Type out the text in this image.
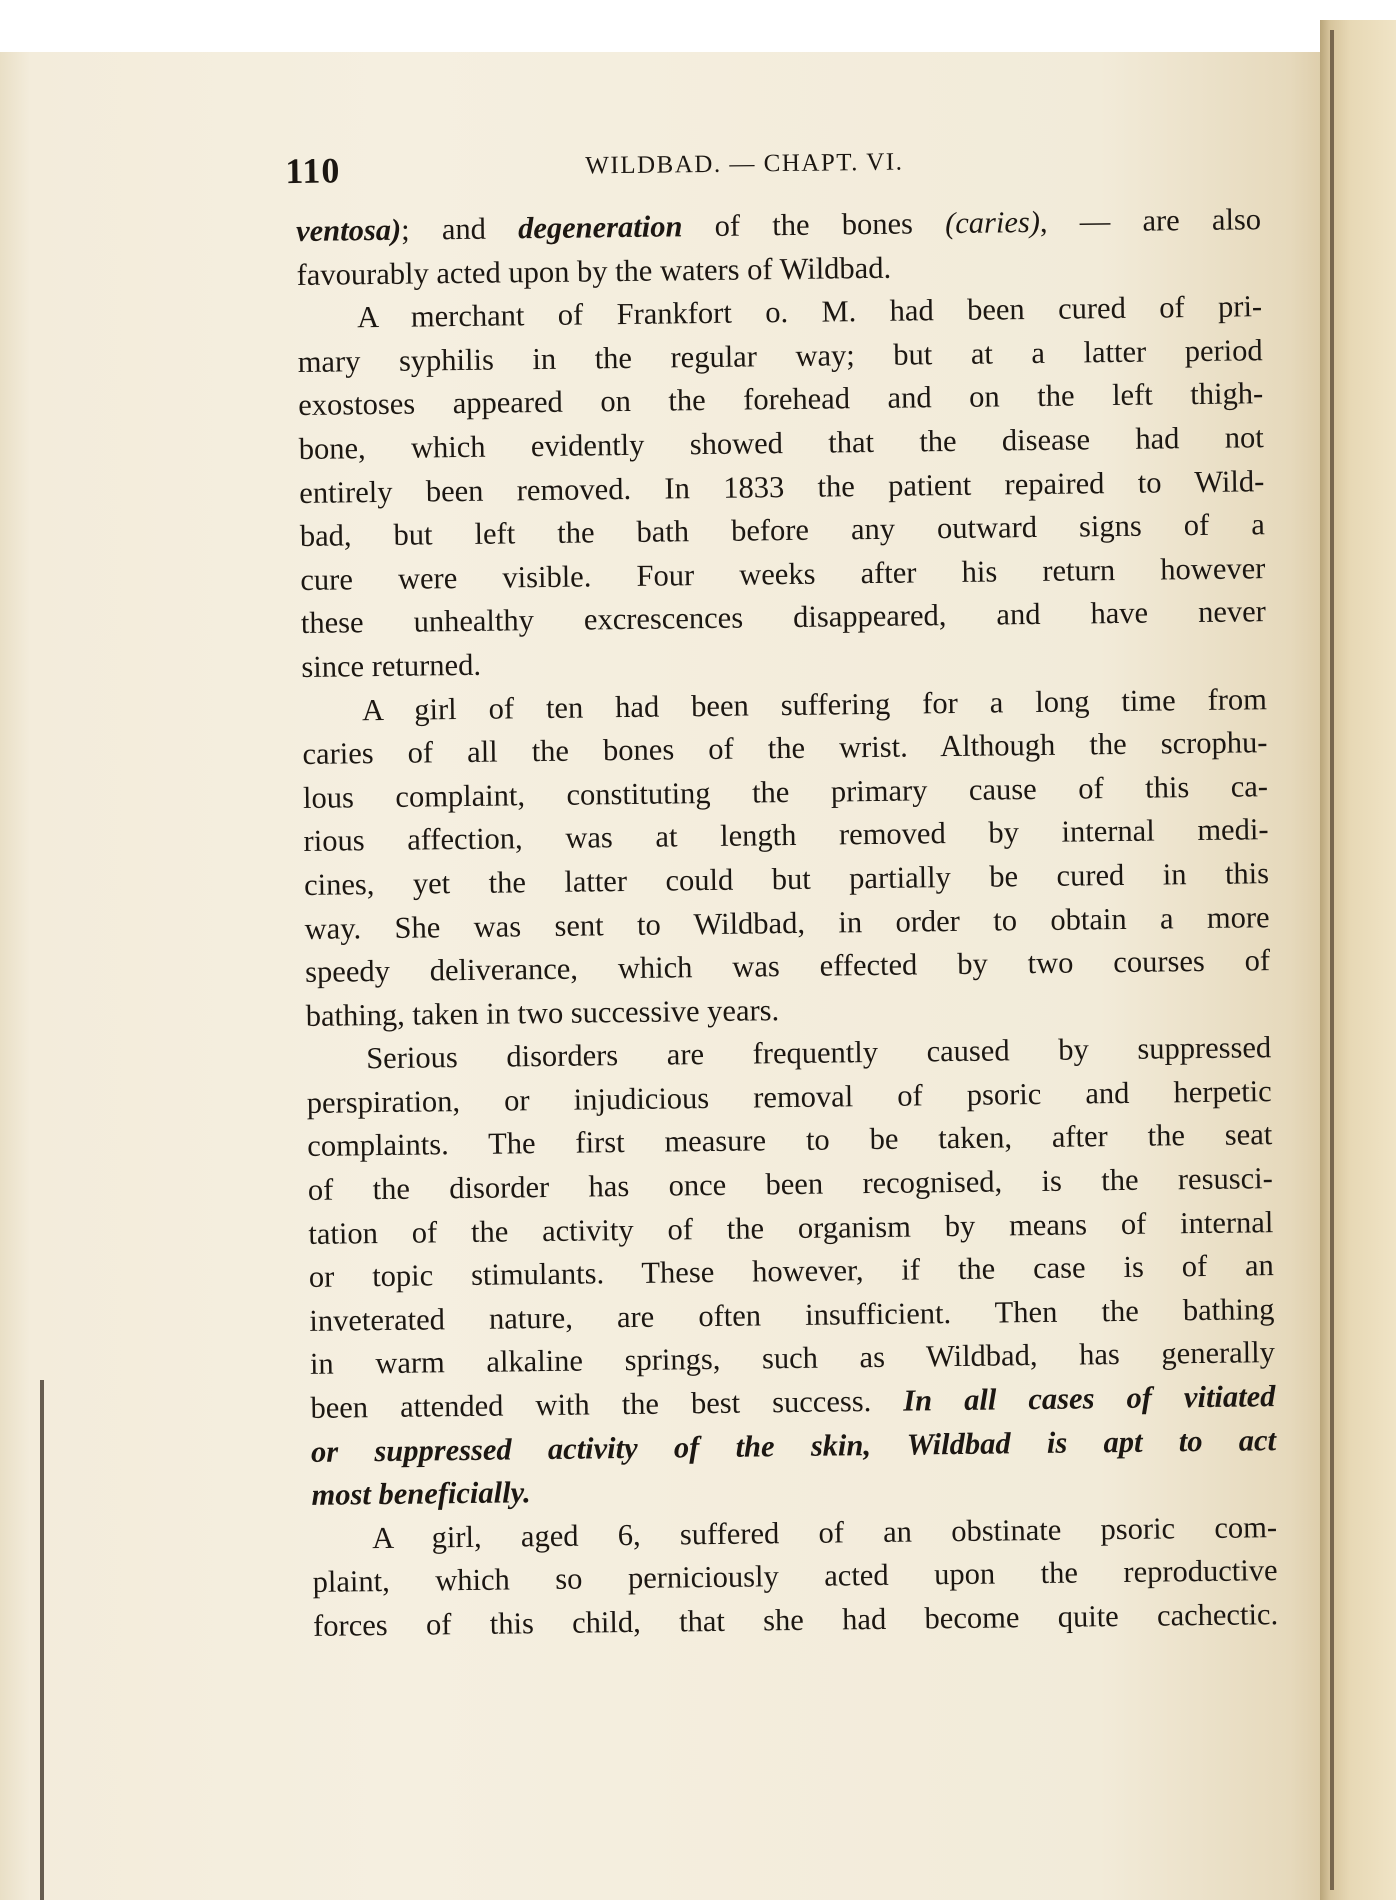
110	WILDBAD. — CHAPT. VI.
ventosa); and degeneration of the bones (caries), — are also
favourably acted upon by the waters of Wildbad.
A merchant of Frankfort o. M. had been cured of pri-
mary syphilis in the regular way; but at a latter period
exostoses appeared on the forehead and on the left thigh-
bone, which evidently showed that the disease had not
entirely been removed. In 1833 the patient repaired to Wild-
bad, but left the bath before any outward signs of a
cure were visible. Four weeks after his return however
these unhealthy excrescences disappeared, and have never
since returned.
A girl of ten had been suffering for a long time from
caries of all the bones of the wrist. Although the scrophu-
lous complaint, constituting the primary cause of this ca-
rious affection, was at length removed by internal medi-
cines, yet the latter could but partially be cured in this
way. She was sent to Wildbad, in order to obtain a more
speedy deliverance, which was effected by two courses of
bathing, taken in two successive years.
Serious disorders are frequently caused by suppressed
perspiration, or injudicious removal of psoric and herpetic
complaints. The first measure to be taken, after the seat
of the disorder has once been recognised, is the resusci-
tation of the activity of the organism by means of internal
or topic stimulants. These however, if the case is of an
inveterated nature, are often insufficient. Then the bathing
in warm alkaline springs, such as Wildbad, has generally
been attended with the best success. In all cases of vitiated
or suppressed activity of the skin, Wildbad is apt to act
most beneficially.
A girl, aged 6, suffered of an obstinate psoric com-
plaint, which so perniciously acted upon the reproductive
forces of this child, that she had become quite cachectic.
